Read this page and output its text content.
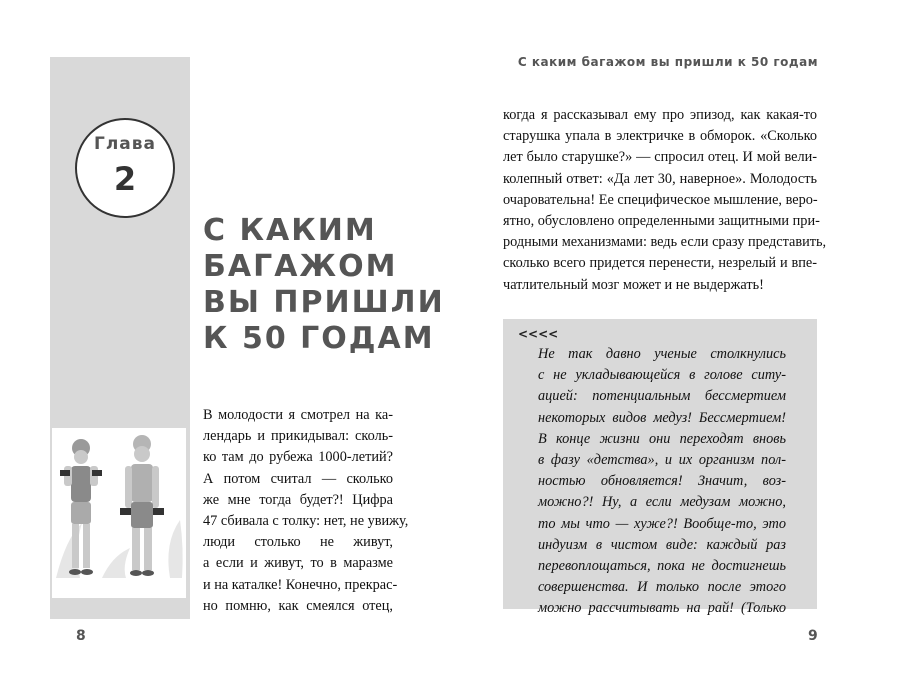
Глава
2
С КАКИМ
БАГАЖОМ
ВЫ ПРИШЛИ
К 50 ГОДАМ
В молодости я смотрел на ка-
лендарь и прикидывал: сколь-
ко там до рубежа 1000-летий?
А потом считал — сколько
же мне тогда будет?! Цифра
47 сбивала с толку: нет, не увижу,
люди столько не живут,
а если и живут, то в маразме
и на каталке! Конечно, прекрас-
но помню, как смеялся отец,
8
С каким багажом вы пришли к 50 годам
когда я рассказывал ему про эпизод, как какая-то
старушка упала в электричке в обморок. «Сколько
лет было старушке?» — спросил отец. И мой вели-
колепный ответ: «Да лет 30, наверное». Молодость
очаровательна! Ее специфическое мышление, веро-
ятно, обусловлено определенными защитными при-
родными механизмами: ведь если сразу представить,
сколько всего придется перенести, незрелый и впе-
чатлительный мозг может и не выдержать!
<<<<
Не так давно ученые столкнулись
с не укладывающейся в голове ситу-
ацией: потенциальным бессмертием
некоторых видов медуз! Бессмертием!
В конце жизни они переходят вновь
в фазу «детства», и их организм пол-
ностью обновляется! Значит, воз-
можно?! Ну, а если медузам можно,
то мы что — хуже?! Вообще-то, это
индуизм в чистом виде: каждый раз
перевоплощаться, пока не достигнешь
совершенства. И только после этого
можно рассчитывать на рай! (Только
9
